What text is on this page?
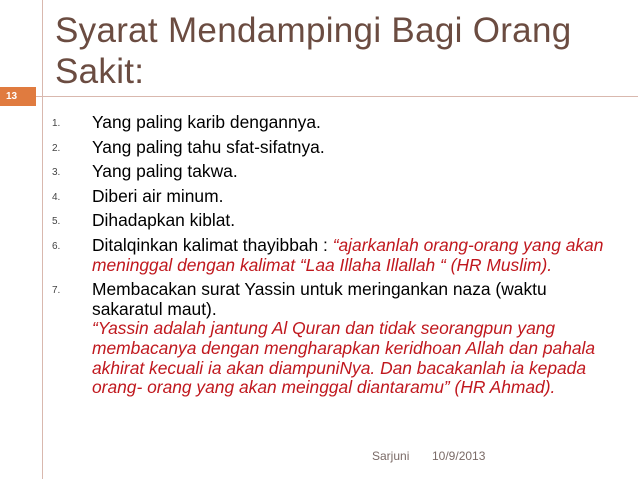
13
Syarat Mendampingi Bagi Orang Sakit:
1. Yang paling karib dengannya.
2. Yang paling tahu sfat-sifatnya.
3. Yang paling takwa.
4. Diberi air minum.
5. Dihadapkan kiblat.
6. Ditalqinkan kalimat thayibbah : “ajarkanlah orang-orang yang akan meninggal dengan kalimat “Laa Illaha Illallah “ (HR Muslim).
7. Membacakan surat Yassin untuk meringankan naza (waktu sakaratul maut).
“Yassin adalah jantung Al Quran dan tidak seorangpun yang membacanya dengan mengharapkan keridhoan Allah dan pahala akhirat kecuali ia akan diampuniNya. Dan bacakanlah ia kepada orang- orang yang akan meinggal diantaramu” (HR Ahmad).
Sarjuni 10/9/2013
